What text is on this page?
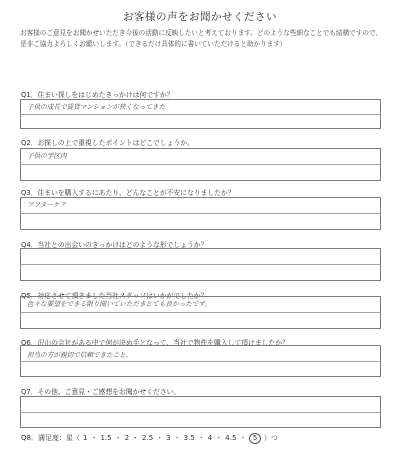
お客様の声をお聞かせください
お客様のご意見をお聞かせいただき今後の活動に反映したいと考えております。どのような些細なことでも結構ですので、是非ご協力よろしくお願いします。（できるだけ具体的に書いていただけると助かります）
Q1．住まい探しをはじめたきっかけは何ですか？
子供の成長で賃貸マンションが狭くなってきた
Q2．お探しの上で重視したポイントはどこでしょうか。
子供の学区内
Q3．住まいを購入するにあたり、どんなことが不安になりましたか？
アフターケア
Q4．当社との出会いのきっかけはどのような形でしょうか？
Q5．対応させて頂きました当社スタッフはいかがでしたか？
色々な要望をできる限り聞いていただきとても良かったです。
Q6．沢山の会社がある中で何が決め手となって、当社で物件を購入して頂けましたか？
担当の方が親切で信頼できたこと。
Q7．その他、ご意見・ご感想をお聞かせください。
Q8．満足度：星（ 1 ・ 1.5 ・ 2 ・ 2.5 ・ 3 ・ 3.5 ・ 4 ・ 4.5 ・ 5 ）つ
